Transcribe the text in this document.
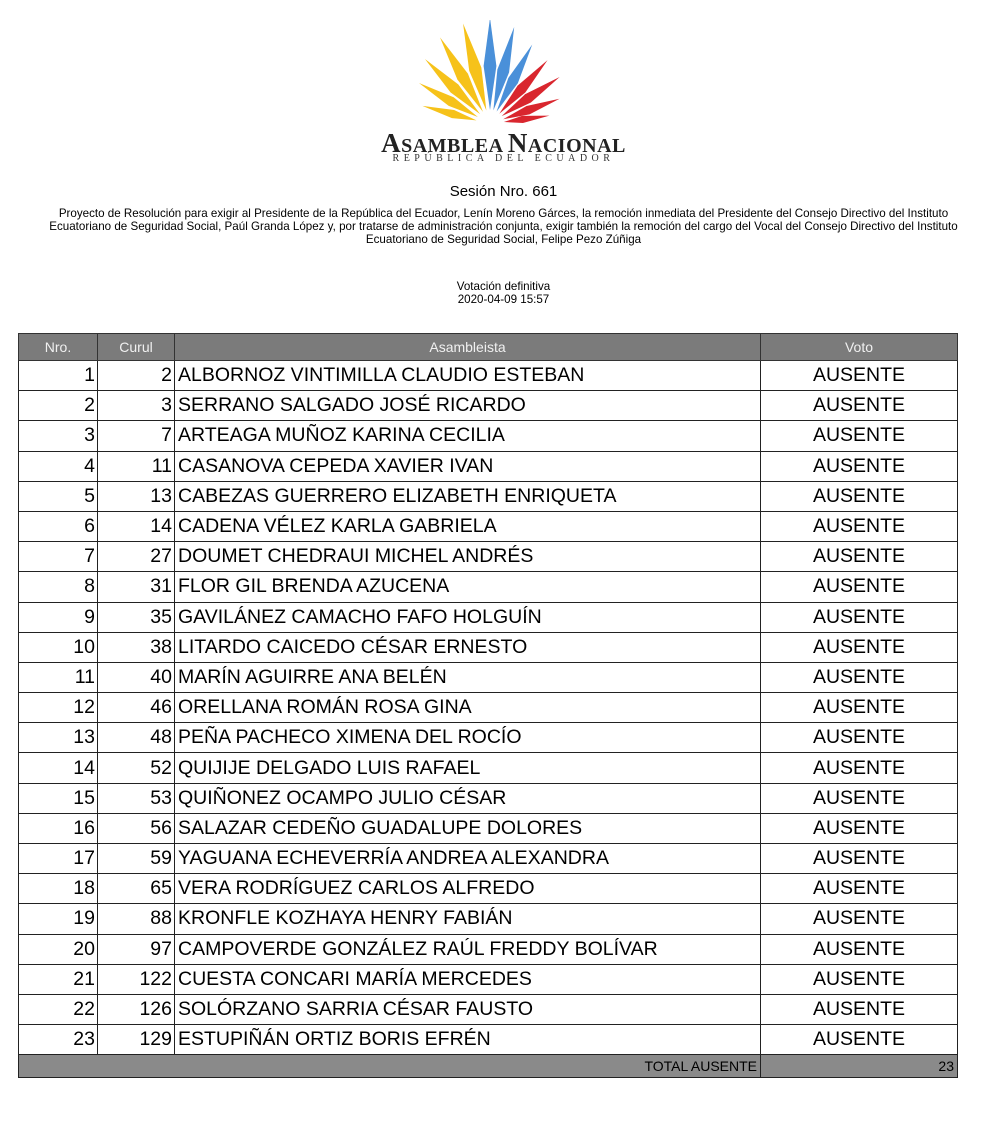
ASAMBLEA NACIONAL
REPÚBLICA DEL ECUADOR
Sesión Nro. 661
Proyecto de Resolución para exigir al Presidente de la República del Ecuador, Lenín Moreno Gárces, la remoción inmediata del Presidente del Consejo Directivo del Instituto Ecuatoriano de Seguridad Social, Paúl Granda López y, por tratarse de administración conjunta, exigir también la remoción del cargo del Vocal del Consejo Directivo del Instituto Ecuatoriano de Seguridad Social, Felipe Pezo Zúñiga
Votación definitiva
2020-04-09 15:57
Nro.	Curul	Asambleista	Voto
1	2	ALBORNOZ VINTIMILLA CLAUDIO ESTEBAN	AUSENTE
2	3	SERRANO SALGADO JOSÉ RICARDO	AUSENTE
3	7	ARTEAGA MUÑOZ KARINA CECILIA	AUSENTE
4	11	CASANOVA CEPEDA XAVIER IVAN	AUSENTE
5	13	CABEZAS GUERRERO ELIZABETH ENRIQUETA	AUSENTE
6	14	CADENA VÉLEZ KARLA GABRIELA	AUSENTE
7	27	DOUMET CHEDRAUI MICHEL ANDRÉS	AUSENTE
8	31	FLOR GIL BRENDA AZUCENA	AUSENTE
9	35	GAVILÁNEZ CAMACHO FAFO HOLGUÍN	AUSENTE
10	38	LITARDO CAICEDO CÉSAR ERNESTO	AUSENTE
11	40	MARÍN AGUIRRE ANA BELÉN	AUSENTE
12	46	ORELLANA ROMÁN ROSA GINA	AUSENTE
13	48	PEÑA PACHECO XIMENA DEL ROCÍO	AUSENTE
14	52	QUIJIJE DELGADO LUIS RAFAEL	AUSENTE
15	53	QUIÑONEZ OCAMPO JULIO CÉSAR	AUSENTE
16	56	SALAZAR CEDEÑO GUADALUPE DOLORES	AUSENTE
17	59	YAGUANA ECHEVERRÍA ANDREA ALEXANDRA	AUSENTE
18	65	VERA RODRÍGUEZ CARLOS ALFREDO	AUSENTE
19	88	KRONFLE KOZHAYA HENRY FABIÁN	AUSENTE
20	97	CAMPOVERDE GONZÁLEZ RAÚL FREDDY BOLÍVAR	AUSENTE
21	122	CUESTA CONCARI MARÍA MERCEDES	AUSENTE
22	126	SOLÓRZANO SARRIA CÉSAR FAUSTO	AUSENTE
23	129	ESTUPIÑÁN ORTIZ BORIS EFRÉN	AUSENTE
TOTAL AUSENTE			23
